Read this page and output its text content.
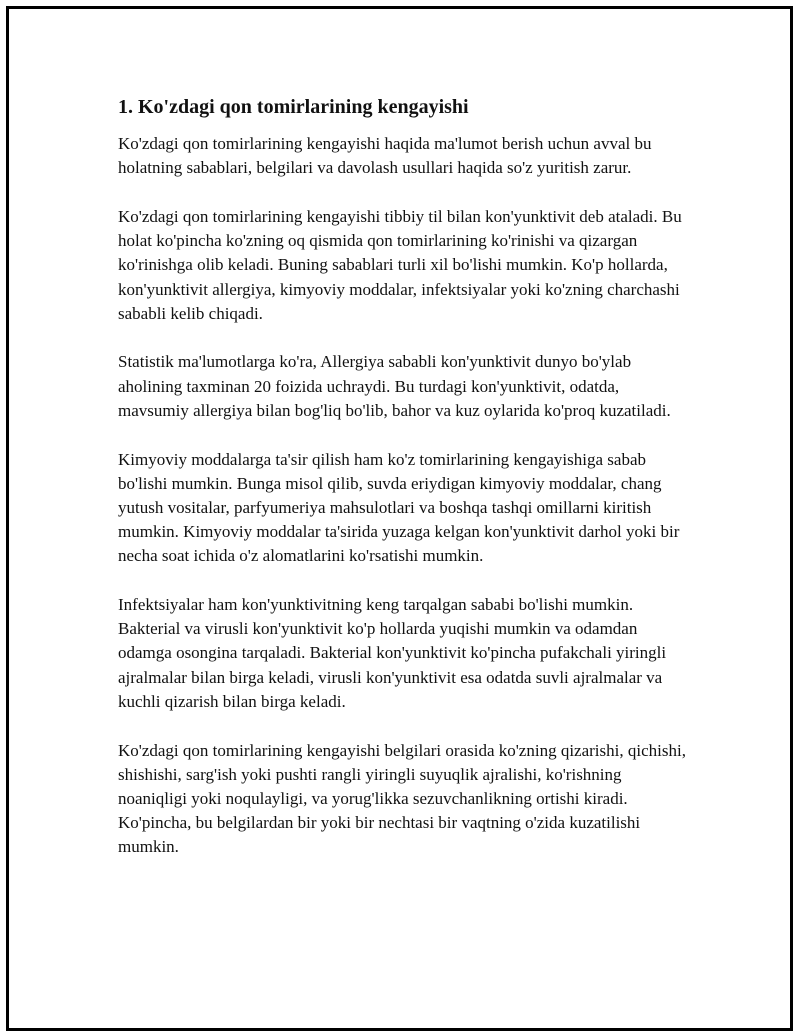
1. Ko'zdagi qon tomirlarining kengayishi

Ko'zdagi qon tomirlarining kengayishi haqida ma'lumot berish uchun avval bu holatning sabablari, belgilari va davolash usullari haqida so'z yuritish zarur.

Ko'zdagi qon tomirlarining kengayishi tibbiy til bilan kon'yunktivit deb ataladi. Bu holat ko'pincha ko'zning oq qismida qon tomirlarining ko'rinishi va qizargan ko'rinishga olib keladi. Buning sabablari turli xil bo'lishi mumkin. Ko'p hollarda, kon'yunktivit allergiya, kimyoviy moddalar, infektsiyalar yoki ko'zning charchashi sababli kelib chiqadi.

Statistik ma'lumotlarga ko'ra, Allergiya sababli kon'yunktivit dunyo bo'ylab aholining taxminan 20 foizida uchraydi. Bu turdagi kon'yunktivit, odatda, mavsumiy allergiya bilan bog'liq bo'lib, bahor va kuz oylarida ko'proq kuzatiladi.

Kimyoviy moddalarga ta'sir qilish ham ko'z tomirlarining kengayishiga sabab bo'lishi mumkin. Bunga misol qilib, suvda eriydigan kimyoviy moddalar, chang yutush vositalar, parfyumeriya mahsulotlari va boshqa tashqi omillarni kiritish mumkin. Kimyoviy moddalar ta'sirida yuzaga kelgan kon'yunktivit darhol yoki bir necha soat ichida o'z alomatlarini ko'rsatishi mumkin.

Infektsiyalar ham kon'yunktivitning keng tarqalgan sababi bo'lishi mumkin. Bakterial va virusli kon'yunktivit ko'p hollarda yuqishi mumkin va odamdan odamga osongina tarqaladi. Bakterial kon'yunktivit ko'pincha pufakchali yiringli ajralmalar bilan birga keladi, virusli kon'yunktivit esa odatda suvli ajralmalar va kuchli qizarish bilan birga keladi.

Ko'zdagi qon tomirlarining kengayishi belgilari orasida ko'zning qizarishi, qichishi, shishishi, sarg'ish yoki pushti rangli yiringli suyuqlik ajralishi, ko'rishning noaniqligi yoki noqulayligi, va yorug'likka sezuvchanlikning ortishi kiradi. Ko'pincha, bu belgilardan bir yoki bir nechtasi bir vaqtning o'zida kuzatilishi mumkin.
